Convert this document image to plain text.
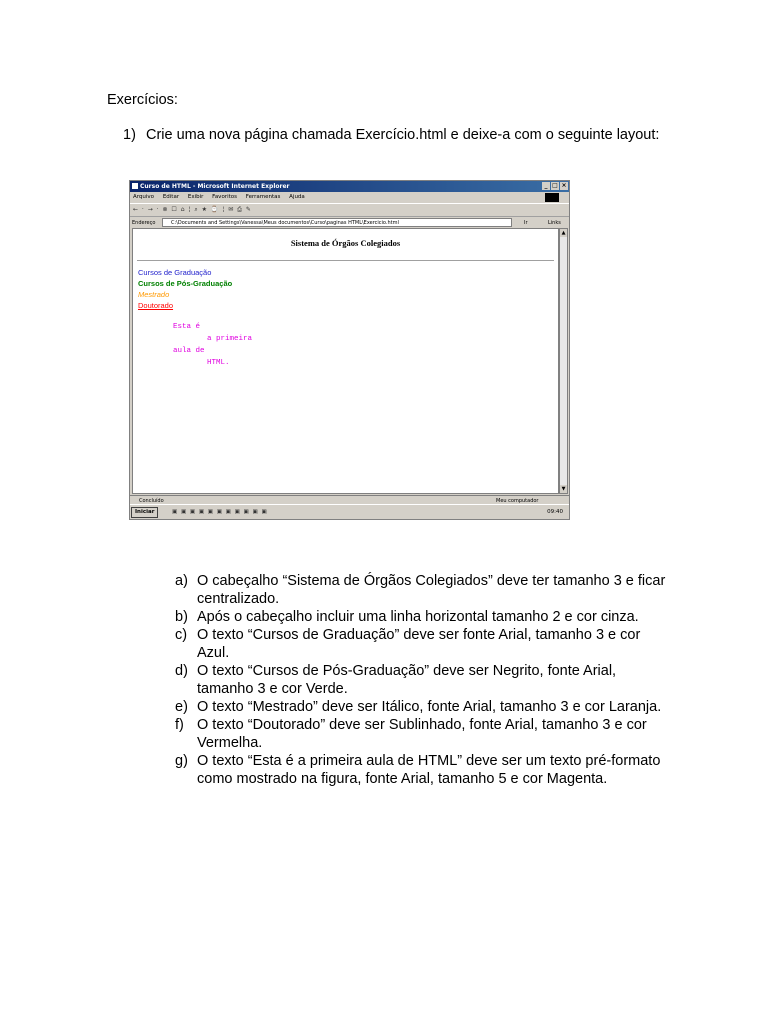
Exercícios:
1) Crie uma nova página chamada Exercício.html e deixe-a com o seguinte layout:
Curso de HTML - Microsoft Internet Explorer	_ □ ×
Arquivo Editar Exibir Favoritos Ferramentas Ajuda
← · → · ⊗ ☐ ⌂ ¦ ⌕ ★ ⌚ ¦ ✉ ⎙ ✎
Endereço	C:\Documents and Settings\Vanessa\Meus documentos\Curso\paginas HTML\Exercicio.html	Ir	Links
Sistema de Órgãos Colegiados
Cursos de Graduação
Cursos de Pós-Graduação
Mestrado
Doutorado
Esta é
a primeira
aula de
HTML.
▲
▼
Concluído	Meu computador
Iniciar	▣ ▣ ▣ ▣ ▣ ▣ ▣ ▣ ▣ ▣ ▣	09:40
a) O cabeçalho “Sistema de Órgãos Colegiados” deve ter tamanho 3 e ficar centralizado.
b) Após o cabeçalho incluir uma linha horizontal tamanho 2 e cor cinza.
c) O texto “Cursos de Graduação” deve ser fonte Arial, tamanho 3 e cor Azul.
d) O texto “Cursos de Pós-Graduação” deve ser Negrito, fonte Arial, tamanho 3 e cor Verde.
e) O texto “Mestrado” deve ser Itálico, fonte Arial, tamanho 3 e cor Laranja.
f) O texto “Doutorado” deve ser Sublinhado, fonte Arial, tamanho 3 e cor Vermelha.
g) O texto “Esta é a primeira aula de HTML” deve ser um texto pré-formato como mostrado na figura, fonte Arial, tamanho 5 e cor Magenta.
